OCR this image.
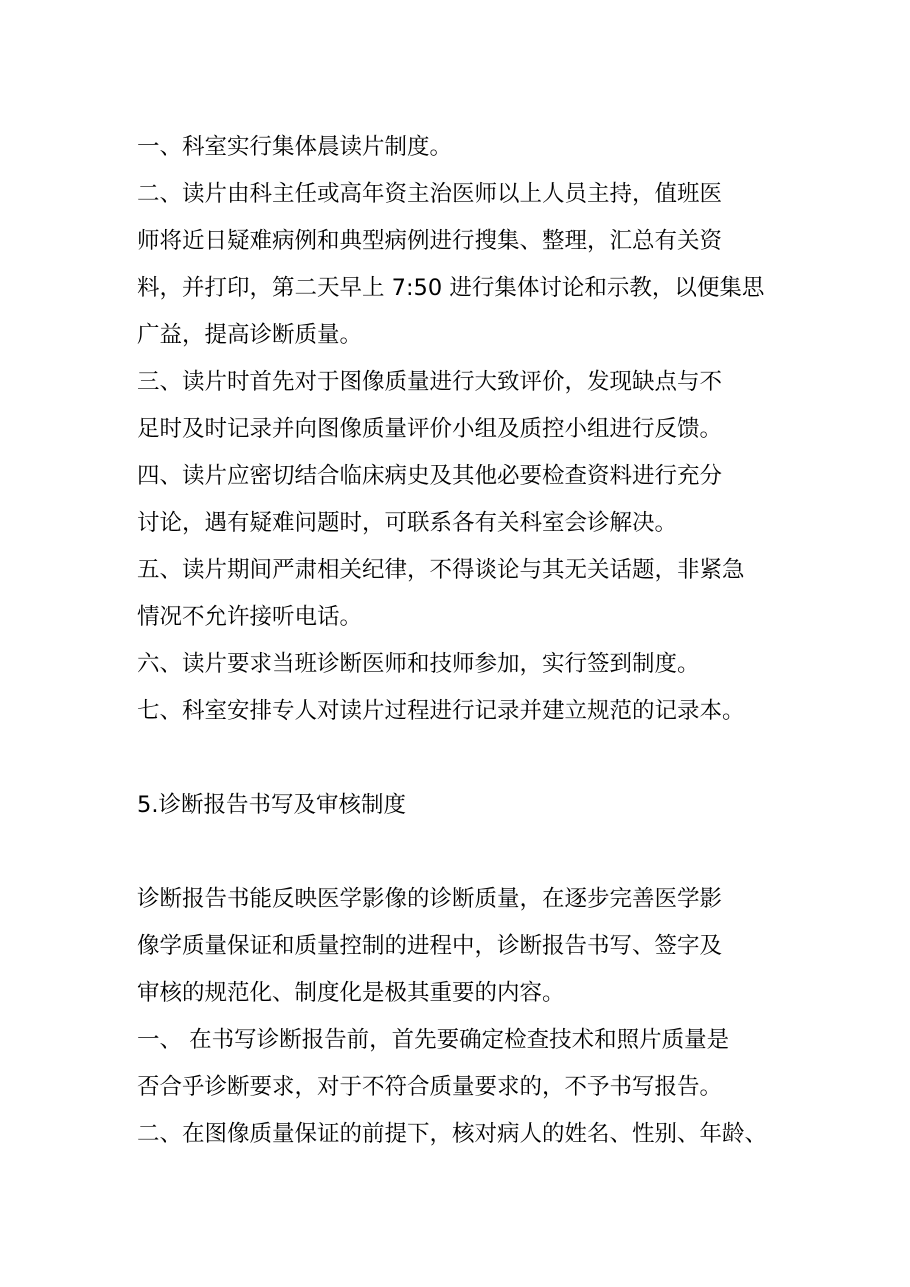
一、科室实行集体晨读片制度。
二、读片由科主任或高年资主治医师以上人员主持，值班医
师将近日疑难病例和典型病例进行搜集、整理，汇总有关资
料，并打印，第二天早上 7:50 进行集体讨论和示教，以便集思
广益，提高诊断质量。
三、读片时首先对于图像质量进行大致评价，发现缺点与不
足时及时记录并向图像质量评价小组及质控小组进行反馈。
四、读片应密切结合临床病史及其他必要检查资料进行充分
讨论，遇有疑难问题时，可联系各有关科室会诊解决。
五、读片期间严肃相关纪律，不得谈论与其无关话题，非紧急
情况不允许接听电话。
六、读片要求当班诊断医师和技师参加，实行签到制度。
七、科室安排专人对读片过程进行记录并建立规范的记录本。
5.诊断报告书写及审核制度
诊断报告书能反映医学影像的诊断质量，在逐步完善医学影
像学质量保证和质量控制的进程中，诊断报告书写、签字及
审核的规范化、制度化是极其重要的内容。
一、 在书写诊断报告前，首先要确定检查技术和照片质量是
否合乎诊断要求，对于不符合质量要求的，不予书写报告。
二、在图像质量保证的前提下，核对病人的姓名、性别、年龄、
